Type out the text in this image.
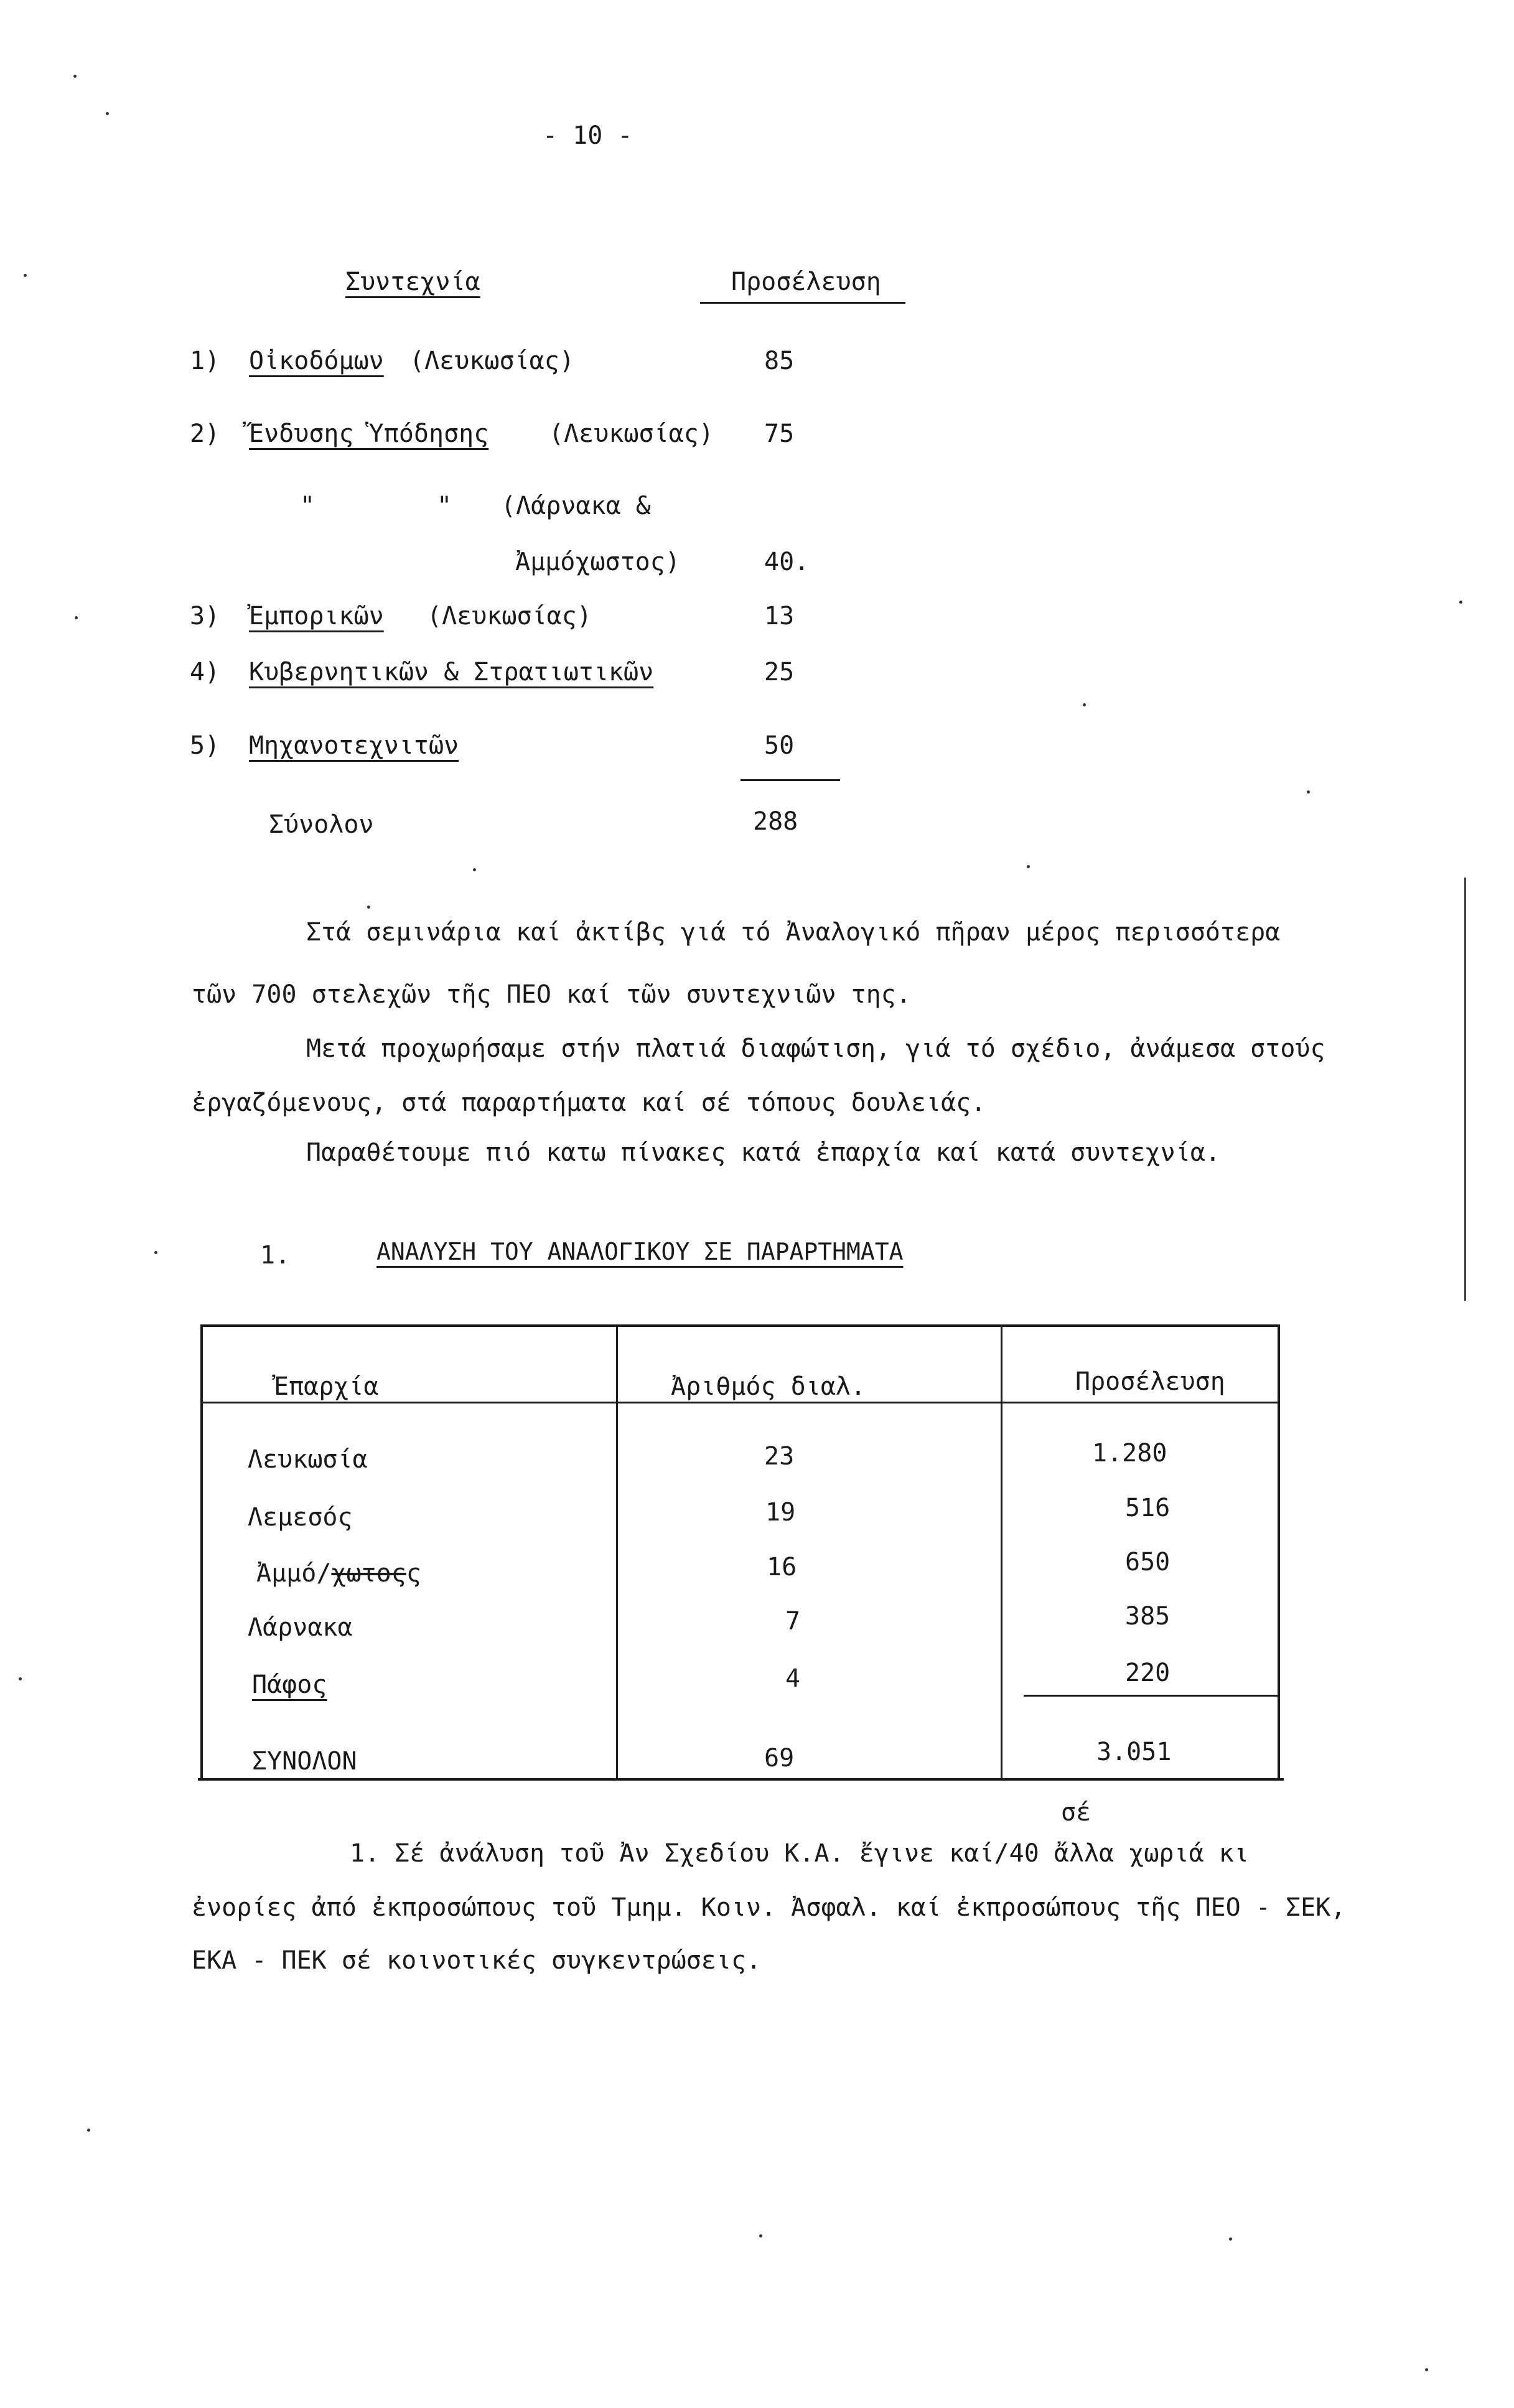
- 10 -
Συντεχνία	Προσέλευση
1) Οἰκοδόμων (Λευκωσίας)	85
2) Ἔνδυσης Ὑπόδησης (Λευκωσίας) 75
"	" (Λάρνακα &
Ἀμμόχωστος)	40.
3) Ἐμπορικῶν (Λευκωσίας)	13
4) Κυβερνητικῶν & Στρατιωτικῶν	25
5) Μηχανοτεχνιτῶν	50
Σύνολον	288
Στά σεμινάρια καί ἀκτίβς γιά τό Ἀναλογικό πῆραν μέρος περισσότερα
τῶν 700 στελεχῶν τῆς ΠΕΟ καί τῶν συντεχνιῶν της.
Μετά προχωρήσαμε στήν πλατιά διαφώτιση, γιά τό σχέδιο, ἀνάμεσα στούς
ἐργαζόμενους, στά παραρτήματα καί σέ τόπους δουλειάς.
Παραθέτουμε πιό κατω πίνακες κατά ἐπαρχία καί κατά συντεχνία.
1.	ΑΝΑΛΥΣΗ ΤΟΥ ΑΝΑΛΟΓΙΚΟΥ ΣΕ ΠΑΡΑΡΤΗΜΑΤΑ
Ἐπαρχία	Ἀριθμός διαλ.	Προσέλευση
Λευκωσία	23	1.280
Λεμεσός	19	516
Ἀμμό/χωτοςς	16	650
Λάρνακα	7	385
Πάφος	4	220
ΣΥΝΟΛΟΝ	69	3.051
σέ
1. Σέ ἀνάλυση τοῦ Ἀν Σχεδίου Κ.Α. ἔγινε καί/40 ἄλλα χωριά κι
ἐνορίες ἀπό ἐκπροσώπους τοῦ Τμημ. Κοιν. Ἀσφαλ. καί ἐκπροσώπους τῆς ΠΕΟ - ΣΕΚ,
ΕΚΑ - ΠΕΚ σέ κοινοτικές συγκεντρώσεις.
